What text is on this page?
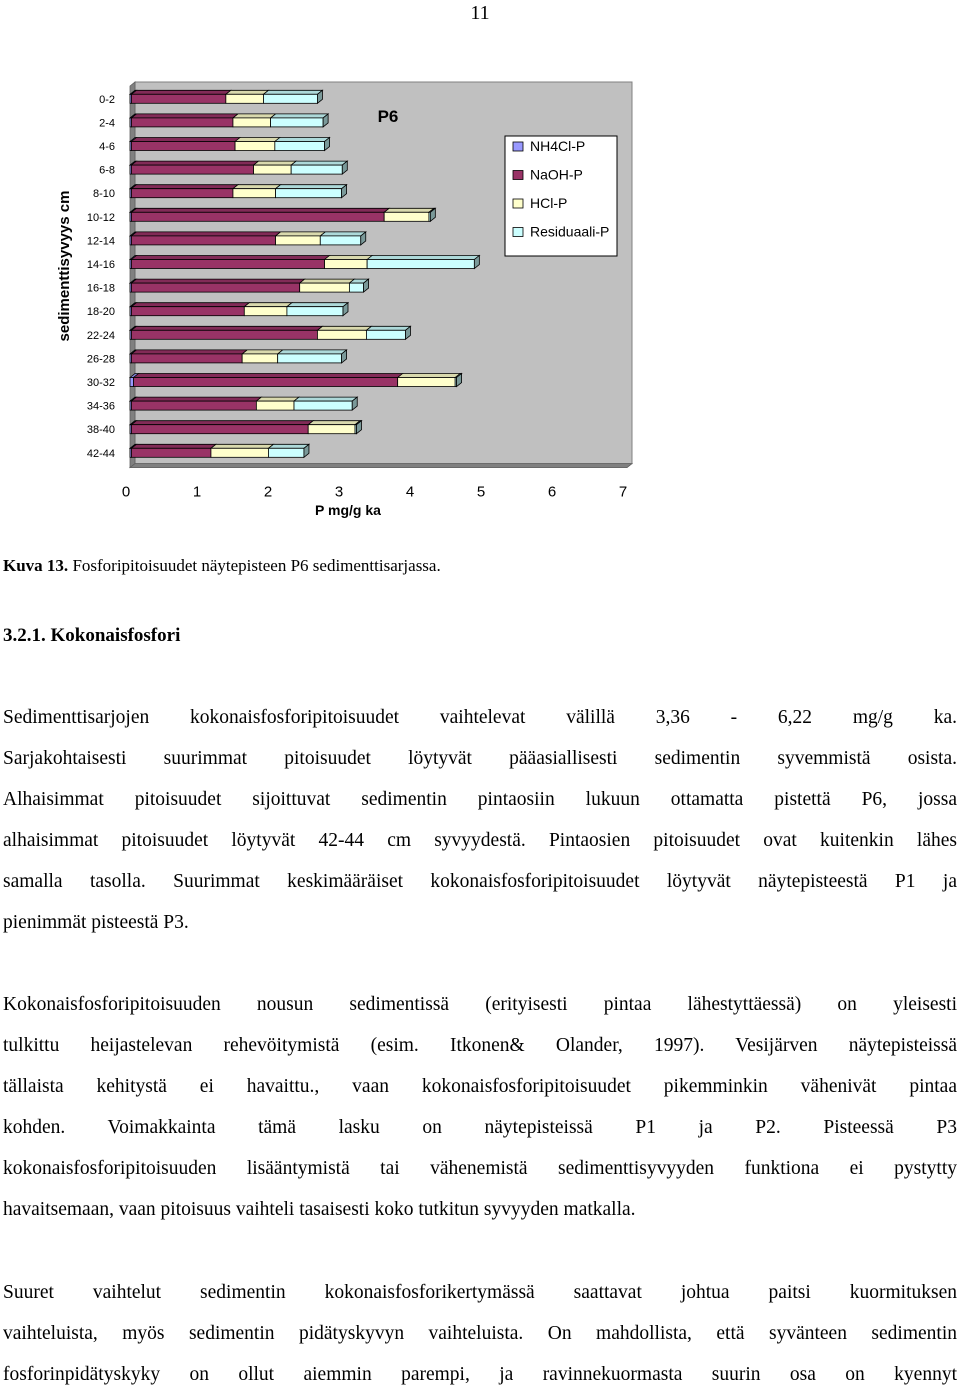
11
0-2
2-4
4-6
6-8
8-10
10-12
12-14
14-16
16-18
18-20
22-24
26-28
30-32
34-36
38-40
42-44
0	1	2	3	4	5	6	7
P6
P mg/g ka
sedimenttisyvyys cm
NH4Cl-P
NaOH-P
HCl-P
Residuaali-P
Kuva 13. Fosforipitoisuudet näytepisteen P6 sedimenttisarjassa.
3.2.1. Kokonaisfosfori
Sedimenttisarjojen kokonaisfosforipitoisuudet vaihtelevat välillä 3,36 - 6,22 mg/g ka.
Sarjakohtaisesti suurimmat pitoisuudet löytyvät pääasiallisesti sedimentin syvemmistä osista.
Alhaisimmat pitoisuudet sijoittuvat sedimentin pintaosiin lukuun ottamatta pistettä P6, jossa
alhaisimmat pitoisuudet löytyvät 42-44 cm syvyydestä. Pintaosien pitoisuudet ovat kuitenkin lähes
samalla tasolla. Suurimmat keskimääräiset kokonaisfosforipitoisuudet löytyvät näytepisteestä P1 ja
pienimmät pisteestä P3.
Kokonaisfosforipitoisuuden nousun sedimentissä (erityisesti pintaa lähestyttäessä) on yleisesti
tulkittu heijastelevan rehevöitymistä (esim. Itkonen& Olander, 1997). Vesijärven näytepisteissä
tällaista kehitystä ei havaittu., vaan kokonaisfosforipitoisuudet pikemminkin vähenivät pintaa
kohden. Voimakkainta tämä lasku on näytepisteissä P1 ja P2. Pisteessä P3
kokonaisfosforipitoisuuden lisääntymistä tai vähenemistä sedimenttisyvyyden funktiona ei pystytty
havaitsemaan, vaan pitoisuus vaihteli tasaisesti koko tutkitun syvyyden matkalla.
Suuret vaihtelut sedimentin kokonaisfosforikertymässä saattavat johtua paitsi kuormituksen
vaihteluista, myös sedimentin pidätyskyvyn vaihteluista. On mahdollista, että syvänteen sedimentin
fosforinpidätyskyky on ollut aiemmin parempi, ja ravinnekuormasta suurin osa on kyennyt
